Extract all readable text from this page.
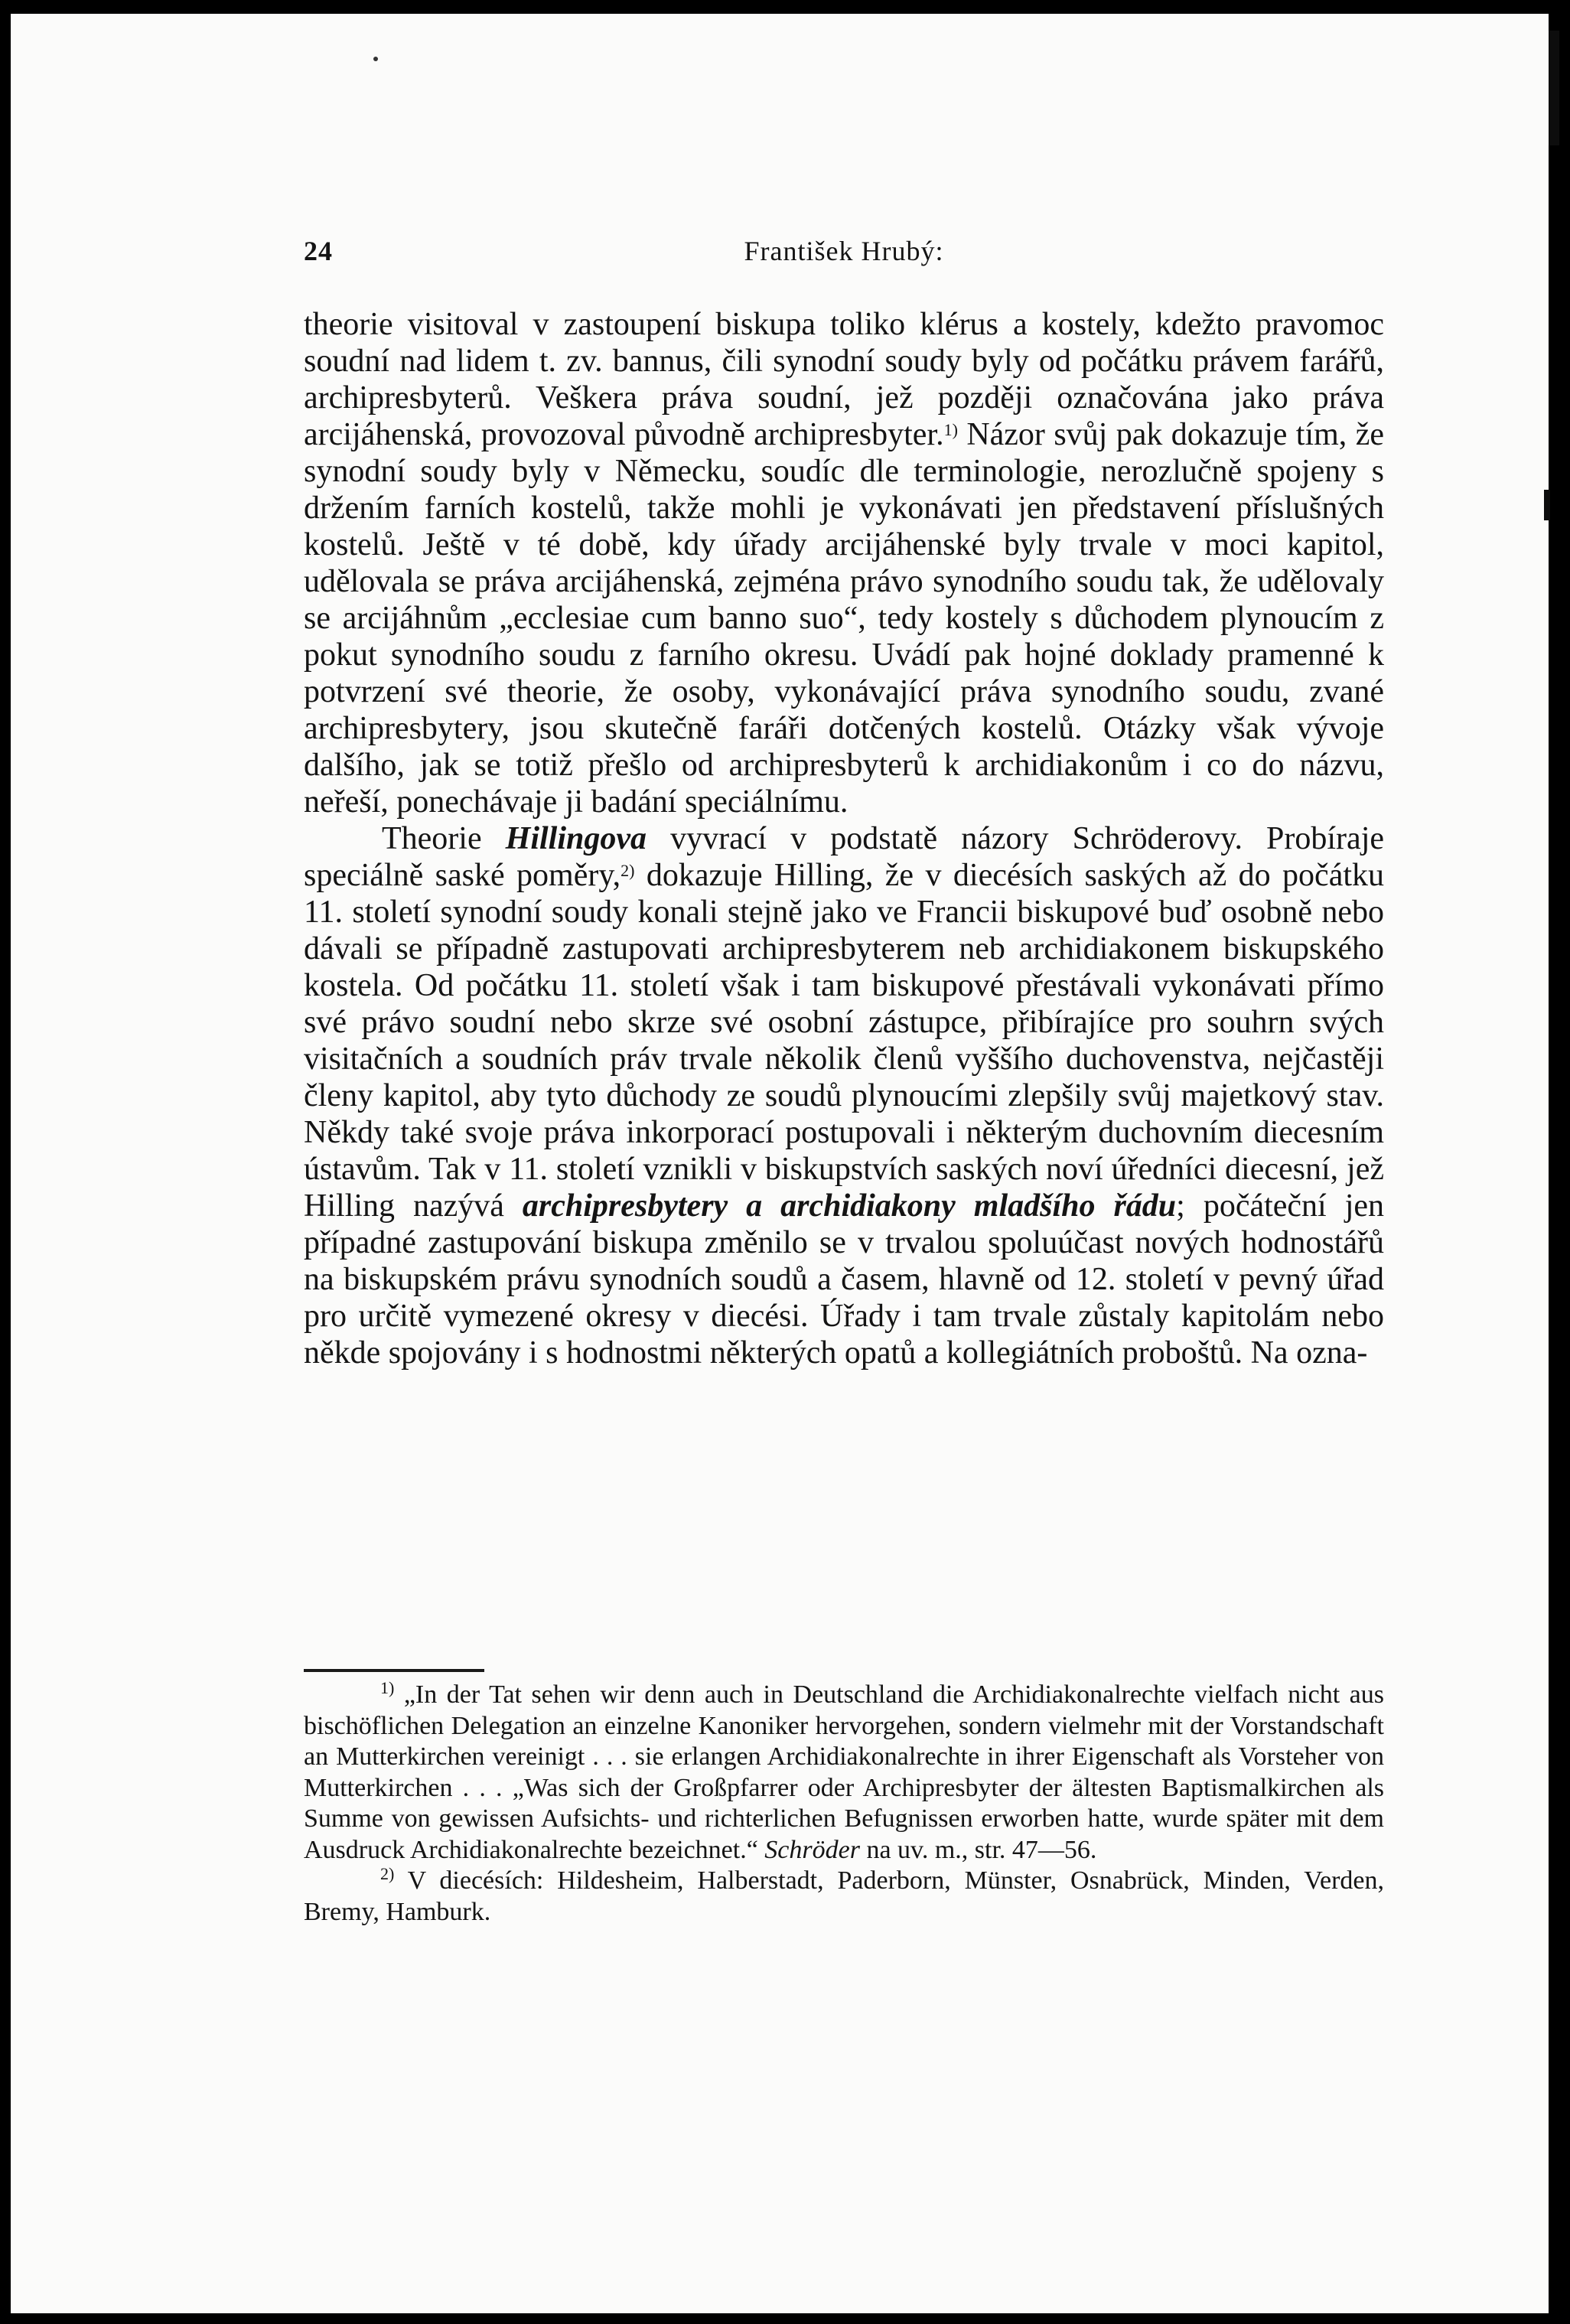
24	František Hrubý:

theorie visitoval v zastoupení biskupa toliko klérus a kostely, kdežto pravomoc soudní nad lidem t. zv. bannus, čili synodní soudy byly od počátku právem farářů, archipresbyterů. Veškera práva soudní, jež později označována jako práva arcijáhenská, provozoval původně archipresbyter.$^{1)}$ Názor svůj pak dokazuje tím, že synodní soudy byly v Německu, soudíc dle terminologie, nerozlučně spojeny s držením farních kostelů, takže mohli je vykonávati jen představení příslušných kostelů. Ještě v té době, kdy úřady arcijáhenské byly trvale v moci kapitol, udělovala se práva arcijáhenská, zejména právo synodního soudu tak, že udělovaly se arcijáhnům „ecclesiae cum banno suo“, tedy kostely s důchodem plynoucím z pokut synodního soudu z farního okresu. Uvádí pak hojné doklady pramenné k potvrzení své theorie, že osoby, vykonávající práva synodního soudu, zvané archipresbytery, jsou skutečně faráři dotčených kostelů. Otázky však vývoje dalšího, jak se totiž přešlo od archipresbyterů k archidiakonům i co do názvu, neřeší, ponechávaje ji badání speciálnímu.

Theorie Hillingova vyvrací v podstatě názory Schröderovy. Probíraje speciálně saské poměry,$^{2)}$ dokazuje Hilling, že v diecésích saských až do počátku 11. století synodní soudy konali stejně jako ve Francii biskupové buď osobně nebo dávali se případně zastupovati archipresbyterem neb archidiakonem biskupského kostela. Od počátku 11. století však i tam biskupové přestávali vykonávati přímo své právo soudní nebo skrze své osobní zástupce, přibírajíce pro souhrn svých visitačních a soudních práv trvale několik členů vyššího duchovenstva, nejčastěji členy kapitol, aby tyto důchody ze soudů plynoucími zlepšily svůj majetkový stav. Někdy také svoje práva inkorporací postupovali i některým duchovním diecesním ústavům. Tak v 11. století vznikli v biskupstvích saských noví úředníci diecesní, jež Hilling nazývá archipresbytery a archidiakony mladšího řádu; počáteční jen případné zastupování biskupa změnilo se v trvalou spoluúčast nových hodnostářů na biskupském právu synodních soudů a časem, hlavně od 12. století v pevný úřad pro určitě vymezené okresy v diecési. Úřady i tam trvale zůstaly kapitolám nebo někde spojovány i s hodnostmi některých opatů a kollegiátních proboštů. Na ozna-

$^{1)}$ „In der Tat sehen wir denn auch in Deutschland die Archidiakonalrechte vielfach nicht aus bischöflichen Delegation an einzelne Kanoniker hervorgehen, sondern vielmehr mit der Vorstandschaft an Mutterkirchen vereinigt . . . sie erlangen Archidiakonalrechte in ihrer Eigenschaft als Vorsteher von Mutterkirchen . . . „Was sich der Großpfarrer oder Archipresbyter der ältesten Baptismalkirchen als Summe von gewissen Aufsichts- und richterlichen Befugnissen erworben hatte, wurde später mit dem Ausdruck Archidiakonalrechte bezeichnet.“ Schröder na uv. m., str. 47—56.

$^{2)}$ V diecésích: Hildesheim, Halberstadt, Paderborn, Münster, Osnabrück, Minden, Verden, Bremy, Hamburk.
